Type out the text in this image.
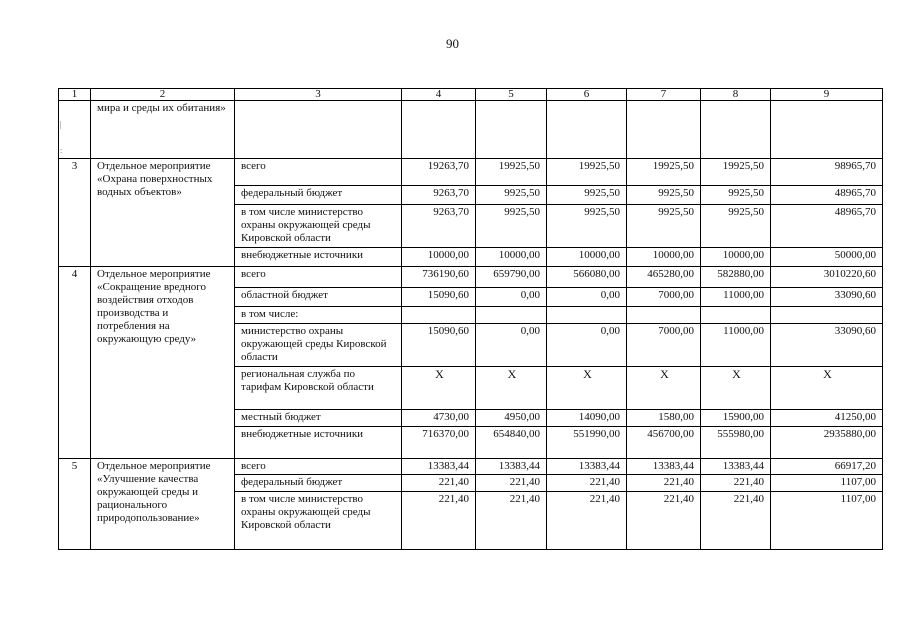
90
|
:
1	2	3	4	5	6	7	8	9
	мира и среды их обитания»							
3	Отдельное мероприятие «Охрана поверхностных водных объектов»	всего	19263,70	19925,50	19925,50	19925,50	19925,50	98965,70
		федеральный бюджет	9263,70	9925,50	9925,50	9925,50	9925,50	48965,70
		в том числе министерство охраны окружающей среды Кировской области	9263,70	9925,50	9925,50	9925,50	9925,50	48965,70
		внебюджетные источники	10000,00	10000,00	10000,00	10000,00	10000,00	50000,00
4	Отдельное мероприятие «Сокращение вредного воздействия отходов производства и потребления на окружающую среду»	всего	736190,60	659790,00	566080,00	465280,00	582880,00	3010220,60
		областной бюджет	15090,60	0,00	0,00	7000,00	11000,00	33090,60
		в том числе:						
		министерство охраны окружающей среды Кировской области	15090,60	0,00	0,00	7000,00	11000,00	33090,60
		региональная служба по тарифам Кировской области	X	X	X	X	X	X
		местный бюджет	4730,00	4950,00	14090,00	1580,00	15900,00	41250,00
		внебюджетные источники	716370,00	654840,00	551990,00	456700,00	555980,00	2935880,00
5	Отдельное мероприятие «Улучшение качества окружающей среды и рационального природопользование»	всего	13383,44	13383,44	13383,44	13383,44	13383,44	66917,20
		федеральный бюджет	221,40	221,40	221,40	221,40	221,40	1107,00
		в том числе министерство охраны окружающей среды Кировской области	221,40	221,40	221,40	221,40	221,40	1107,00
